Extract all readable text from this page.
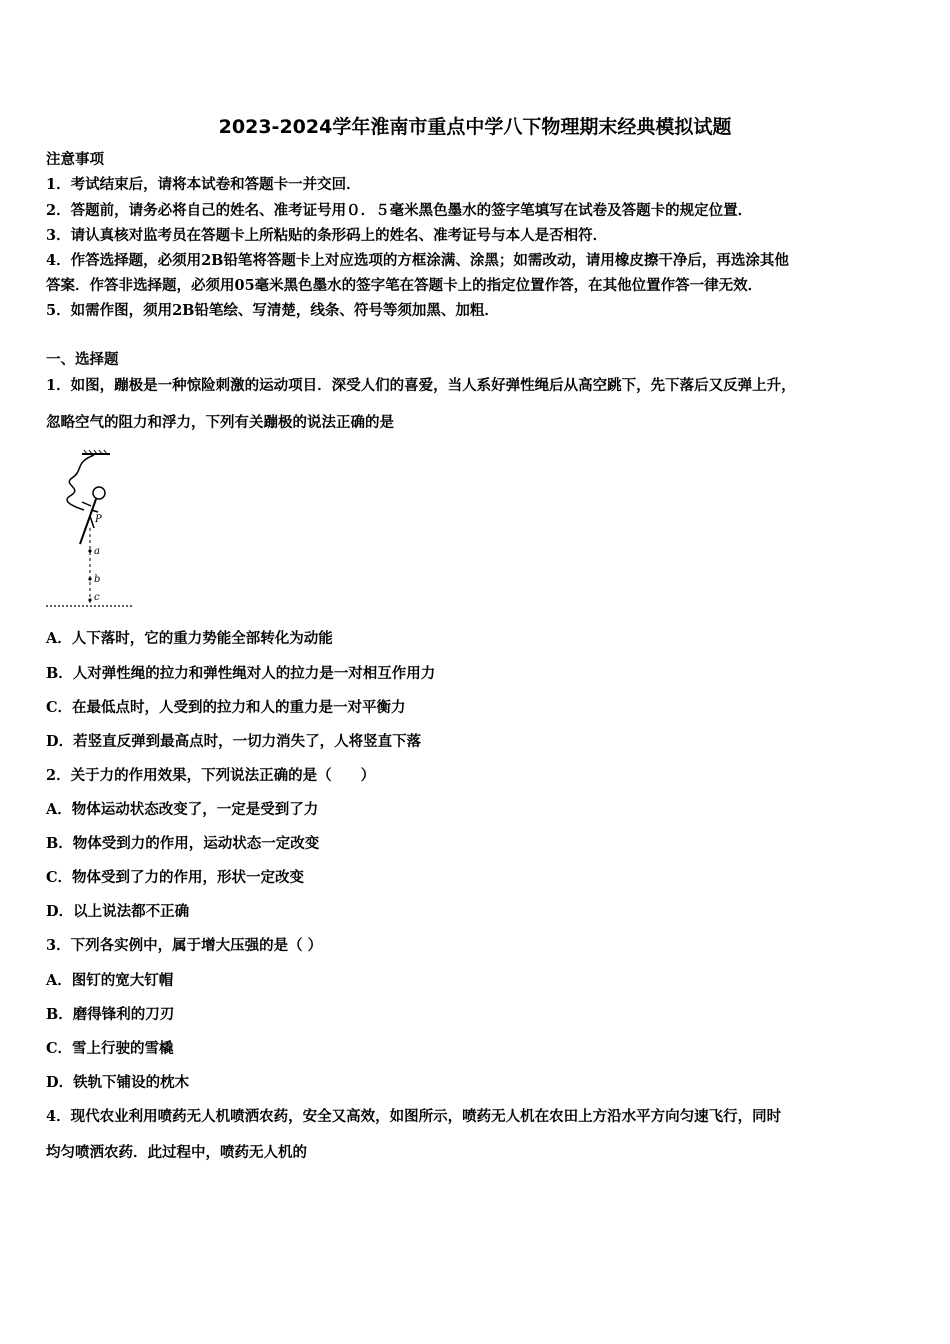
2023-2024学年淮南市重点中学八下物理期末经典模拟试题
注意事项
1．考试结束后，请将本试卷和答题卡一并交回．
2．答题前，请务必将自己的姓名、准考证号用０．５毫米黑色墨水的签字笔填写在试卷及答题卡的规定位置．
3．请认真核对监考员在答题卡上所粘贴的条形码上的姓名、准考证号与本人是否相符．
4．作答选择题，必须用2B铅笔将答题卡上对应选项的方框涂满、涂黑；如需改动，请用橡皮擦干净后，再选涂其他
答案．作答非选择题，必须用05毫米黑色墨水的签字笔在答题卡上的指定位置作答，在其他位置作答一律无效．
5．如需作图，须用2B铅笔绘、写清楚，线条、符号等须加黑、加粗．
一、选择题
1．如图，蹦极是一种惊险刺激的运动项目．深受人们的喜爱，当人系好弹性绳后从高空跳下，先下落后又反弹上升，
忽略空气的阻力和浮力，下列有关蹦极的说法正确的是
P
a
b
c
A．人下落时，它的重力势能全部转化为动能
B．人对弹性绳的拉力和弹性绳对人的拉力是一对相互作用力
C．在最低点时，人受到的拉力和人的重力是一对平衡力
D．若竖直反弹到最高点时，一切力消失了，人将竖直下落
2．关于力的作用效果，下列说法正确的是（　　）
A．物体运动状态改变了，一定是受到了力
B．物体受到力的作用，运动状态一定改变
C．物体受到了力的作用，形状一定改变
D．以上说法都不正确
3．下列各实例中，属于增大压强的是（ ）
A．图钉的宽大钉帽
B．磨得锋利的刀刃
C．雪上行驶的雪橇
D．铁轨下铺设的枕木
4．现代农业利用喷药无人机喷洒农药，安全又高效，如图所示，喷药无人机在农田上方沿水平方向匀速飞行，同时
均匀喷洒农药．此过程中，喷药无人机的
